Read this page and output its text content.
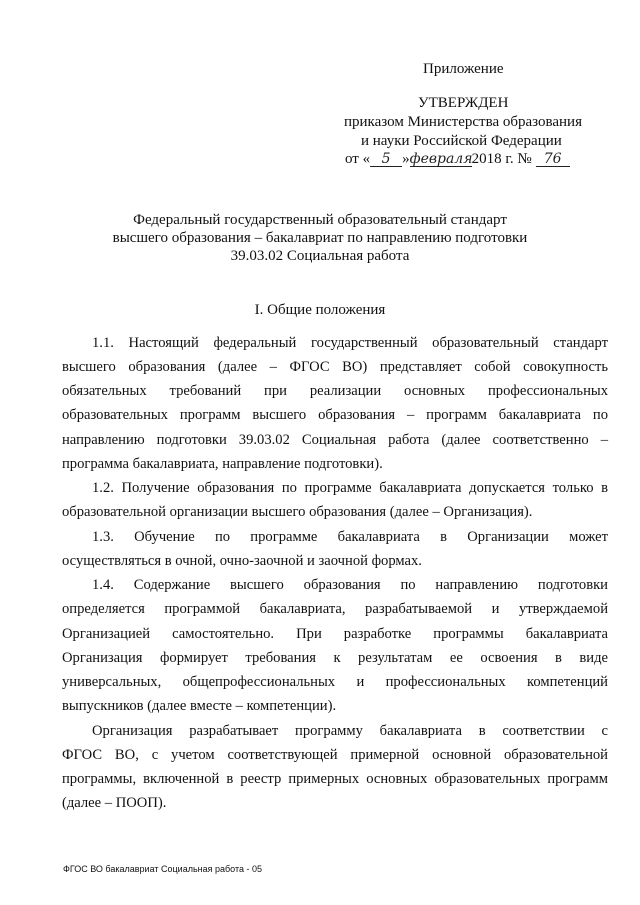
Приложение
УТВЕРЖДЕН
приказом Министерства образования
и науки Российской Федерации
от « 5 »февраля2018 г. № 76
Федеральный государственный образовательный стандарт
высшего образования – бакалавриат по направлению подготовки
39.03.02 Социальная работа
I. Общие положения
1.1. Настоящий федеральный государственный образовательный стандарт
высшего образования (далее – ФГОС ВО) представляет собой совокупность
обязательных требований при реализации основных профессиональных
образовательных программ высшего образования – программ бакалавриата по
направлению подготовки 39.03.02 Социальная работа (далее соответственно –
программа бакалавриата, направление подготовки).
1.2. Получение образования по программе бакалавриата допускается только в
образовательной организации высшего образования (далее – Организация).
1.3. Обучение по программе бакалавриата в Организации может
осуществляться в очной, очно-заочной и заочной формах.
1.4. Содержание высшего образования по направлению подготовки
определяется программой бакалавриата, разрабатываемой и утверждаемой
Организацией самостоятельно. При разработке программы бакалавриата
Организация формирует требования к результатам ее освоения в виде
универсальных, общепрофессиональных и профессиональных компетенций
выпускников (далее вместе – компетенции).
Организация разрабатывает программу бакалавриата в соответствии с
ФГОС ВО, с учетом соответствующей примерной основной образовательной
программы, включенной в реестр примерных основных образовательных программ
(далее – ПООП).
ФГОС ВО бакалавриат Социальная работа - 05
